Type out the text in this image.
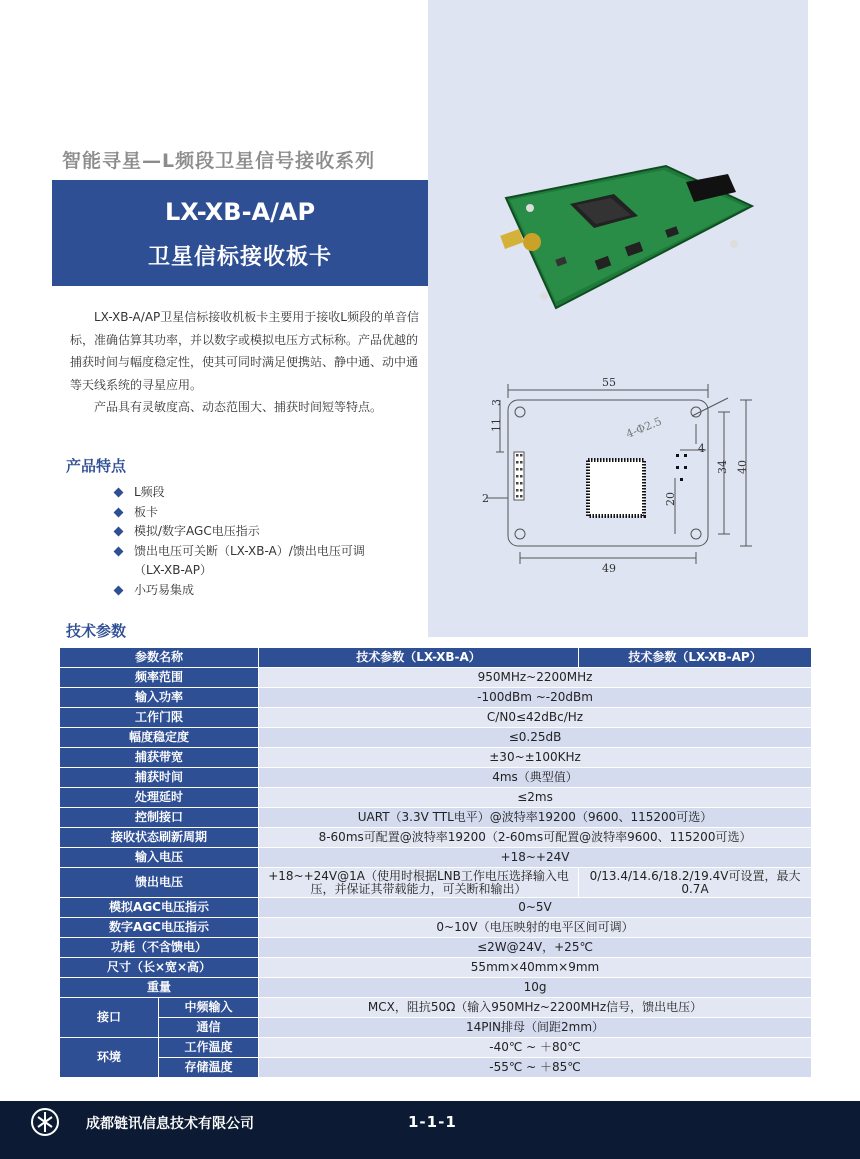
智能寻星—L频段卫星信号接收系列
LX-XB-A/AP
卫星信标接收板卡

LX-XB-A/AP卫星信标接收机板卡主要用于接收L频段的单音信标，准确估算其功率，并以数字或模拟电压方式标称。产品优越的捕获时间与幅度稳定性，使其可同时满足便携站、静中通、动中通等天线系统的寻星应用。

产品具有灵敏度高、动态范围大、捕获时间短等特点。

产品特点
L频段
板卡
模拟/数字AGC电压指示
馈出电压可关断（LX-XB-A）/馈出电压可调
（LX-XB-AP）
小巧易集成
55
3
11	4-Φ2.5
4
34 40
2	20
49
技术参数
参数名称		技术参数（LX-XB-A）	技术参数（LX-XB-AP）
频率范围		950MHz~2200MHz	
输入功率		-100dBm ~-20dBm	
工作门限		C/N0≤42dBc/Hz	
幅度稳定度		≤0.25dB	
捕获带宽		±30~±100KHz	
捕获时间		4ms（典型值）	
处理延时		≤2ms	
控制接口		UART（3.3V TTL电平）@波特率19200（9600、115200可选）	
接收状态刷新周期		8-60ms可配置@波特率19200（2-60ms可配置@波特率9600、115200可选）	
输入电压		+18~+24V	
馈出电压		+18~+24V@1A（使用时根据LNB工作电压选择输入电压，并保证其带载能力，可关断和输出）	0/13.4/14.6/18.2/19.4V可设置，最大0.7A
模拟AGC电压指示		0~5V	
数字AGC电压指示		0~10V（电压映射的电平区间可调）	
功耗（不含馈电）		≤2W@24V，+25℃	
尺寸（长×宽×高）		55mm×40mm×9mm	
重量		10g	
接口	中频输入	MCX，阻抗50Ω（输入950MHz~2200MHz信号，馈出电压）	
	通信	14PIN排母（间距2mm）	
环境	工作温度	-40℃ ~ ＋80℃	
	存储温度	-55℃ ~ ＋85℃	
成都链讯信息技术有限公司	1-1-1
